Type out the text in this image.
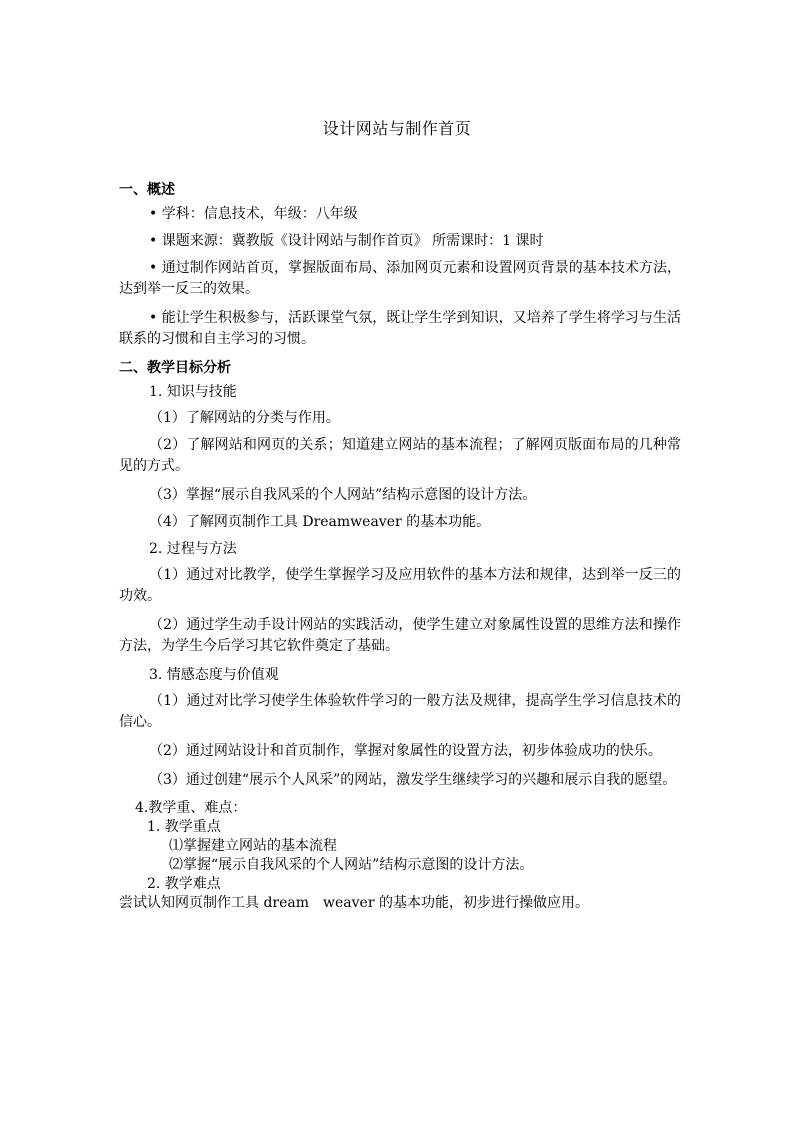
设计网站与制作首页
一、概述
• 学科：信息技术，年级：八年级
• 课题来源：冀教版《设计网站与制作首页》 所需课时：1 课时
• 通过制作网站首页，掌握版面布局、添加网页元素和设置网页背景的基本技术方法，达到举一反三的效果。
• 能让学生积极参与，活跃课堂气氛，既让学生学到知识，又培养了学生将学习与生活联系的习惯和自主学习的习惯。
二、教学目标分析
1. 知识与技能
（1）了解网站的分类与作用。
（2）了解网站和网页的关系；知道建立网站的基本流程；了解网页版面布局的几种常见的方式。
（3）掌握“展示自我风采的个人网站”结构示意图的设计方法。
（4）了解网页制作工具 Dreamweaver 的基本功能。
2. 过程与方法
（1）通过对比教学，使学生掌握学习及应用软件的基本方法和规律，达到举一反三的功效。
（2）通过学生动手设计网站的实践活动，使学生建立对象属性设置的思维方法和操作方法，为学生今后学习其它软件奠定了基础。
3. 情感态度与价值观
（1）通过对比学习使学生体验软件学习的一般方法及规律，提高学生学习信息技术的信心。
（2）通过网站设计和首页制作，掌握对象属性的设置方法，初步体验成功的快乐。
（3）通过创建“展示个人风采”的网站，激发学生继续学习的兴趣和展示自我的愿望。
4.教学重、难点：
1. 教学重点
⑴掌握建立网站的基本流程
⑵掌握“展示自我风采的个人网站”结构示意图的设计方法。
2. 教学难点
尝试认知网页制作工具 dream　weaver 的基本功能，初步进行操做应用。
